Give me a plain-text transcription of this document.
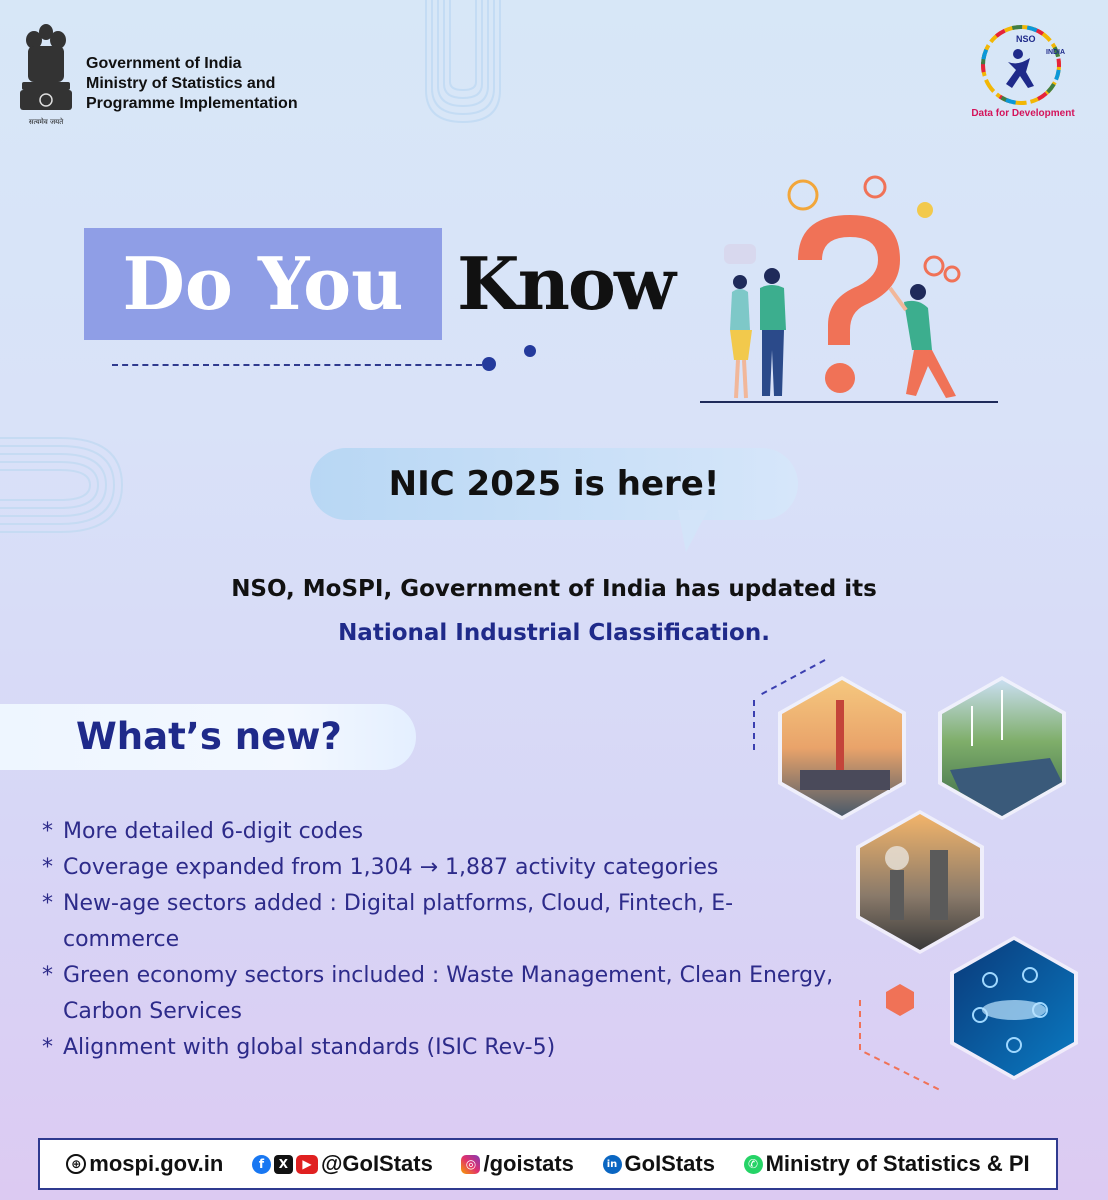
सत्यमेव जयते
Government of India
Ministry of Statistics and
Programme Implementation
NSO
INDIA
Data for Development
Do You Know
NIC 2025 is here!
NSO, MoSPI, Government of India has updated its
National Industrial Classification.
What’s new?
* More detailed 6-digit codes
* Coverage expanded from 1,304 → 1,887 activity categories
* New-age sectors added : Digital platforms, Cloud, Fintech, E-commerce
* Green economy sectors included : Waste Management, Clean Energy, Carbon Services
* Alignment with global standards (ISIC Rev-5)
⊕ mospi.gov.in	f	X	▶ @GoIStats	◎ /goistats	in GoIStats	✆ Ministry of Statistics & PI
